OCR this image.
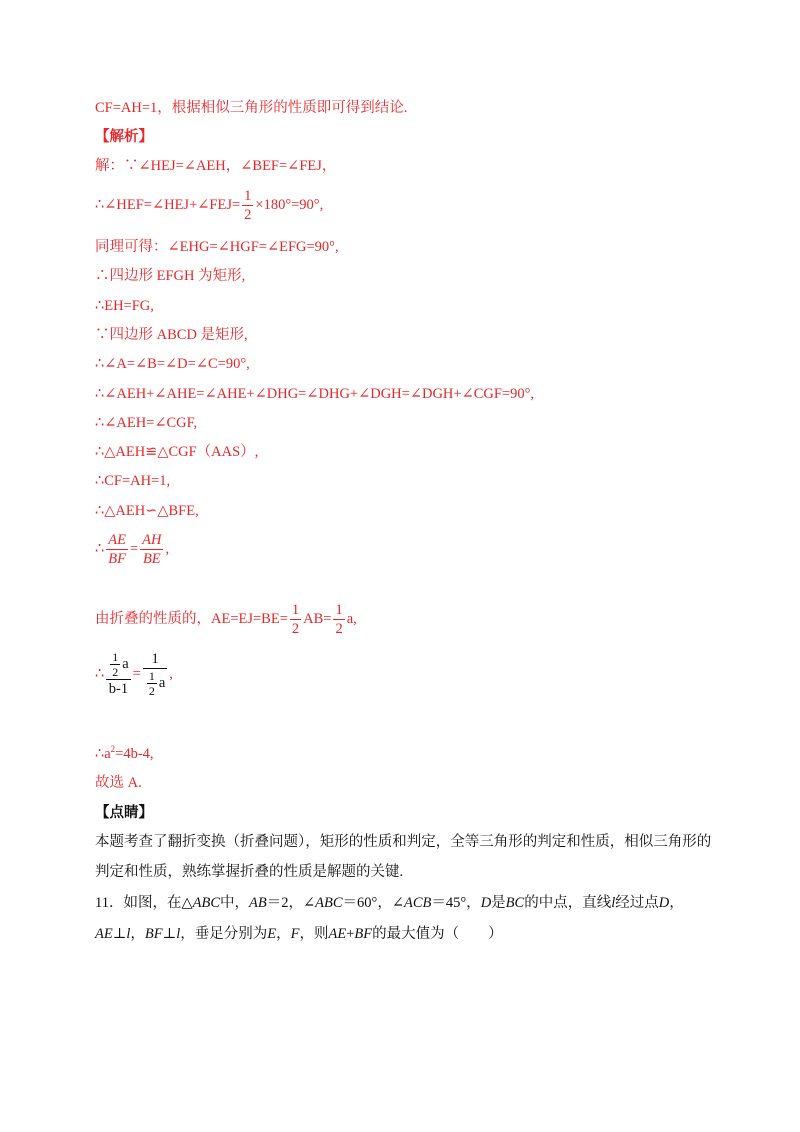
CF=AH=1，根据相似三角形的性质即可得到结论.
【解析】
解：∵∠HEJ=∠AEH，∠BEF=∠FEJ，
∴∠HEF=∠HEJ+∠FEJ= $\frac{1}{2} \times 180^\circ=90^\circ$,
同理可得：∠EHG=∠HGF=∠EFG=90°,
∴四边形 EFGH 为矩形,
∴EH=FG,
∵四边形 ABCD 是矩形,
∴∠A=∠B=∠D=∠C=90°,
∴∠AEH+∠AHE=∠AHE+∠DHG=∠DHG+∠DGH=∠DGH+∠CGF=90°,
∴∠AEH=∠CGF,
∴△AEH≌△CGF（AAS）,
∴CF=AH=1,
∴△AEH∽△BFE,
∴ $\frac{AE}{BF} = \frac{AH}{BE}$ ,
由折叠的性质的，$AE=EJ=BE= \frac{1}{2} AB= \frac{1}{2} a$,
∴ $\frac{\frac{1}{2} a}{b-1} = \frac{1}{\frac{1}{2} a}$ ,
$\therefore a^2=4b-4$,
故选 A.
【点睛】
本题考查了翻折变换（折叠问题），矩形的性质和判定，全等三角形的判定和性质，相似三角形的
判定和性质，熟练掌握折叠的性质是解题的关键.
11．如图，在△ABC中，AB＝2，∠ABC＝60°，∠ACB＝45°，D是BC的中点，直线l经过点D，
AE⊥l，BF⊥l，垂足分别为E，F，则AE+BF的最大值为（　　）
